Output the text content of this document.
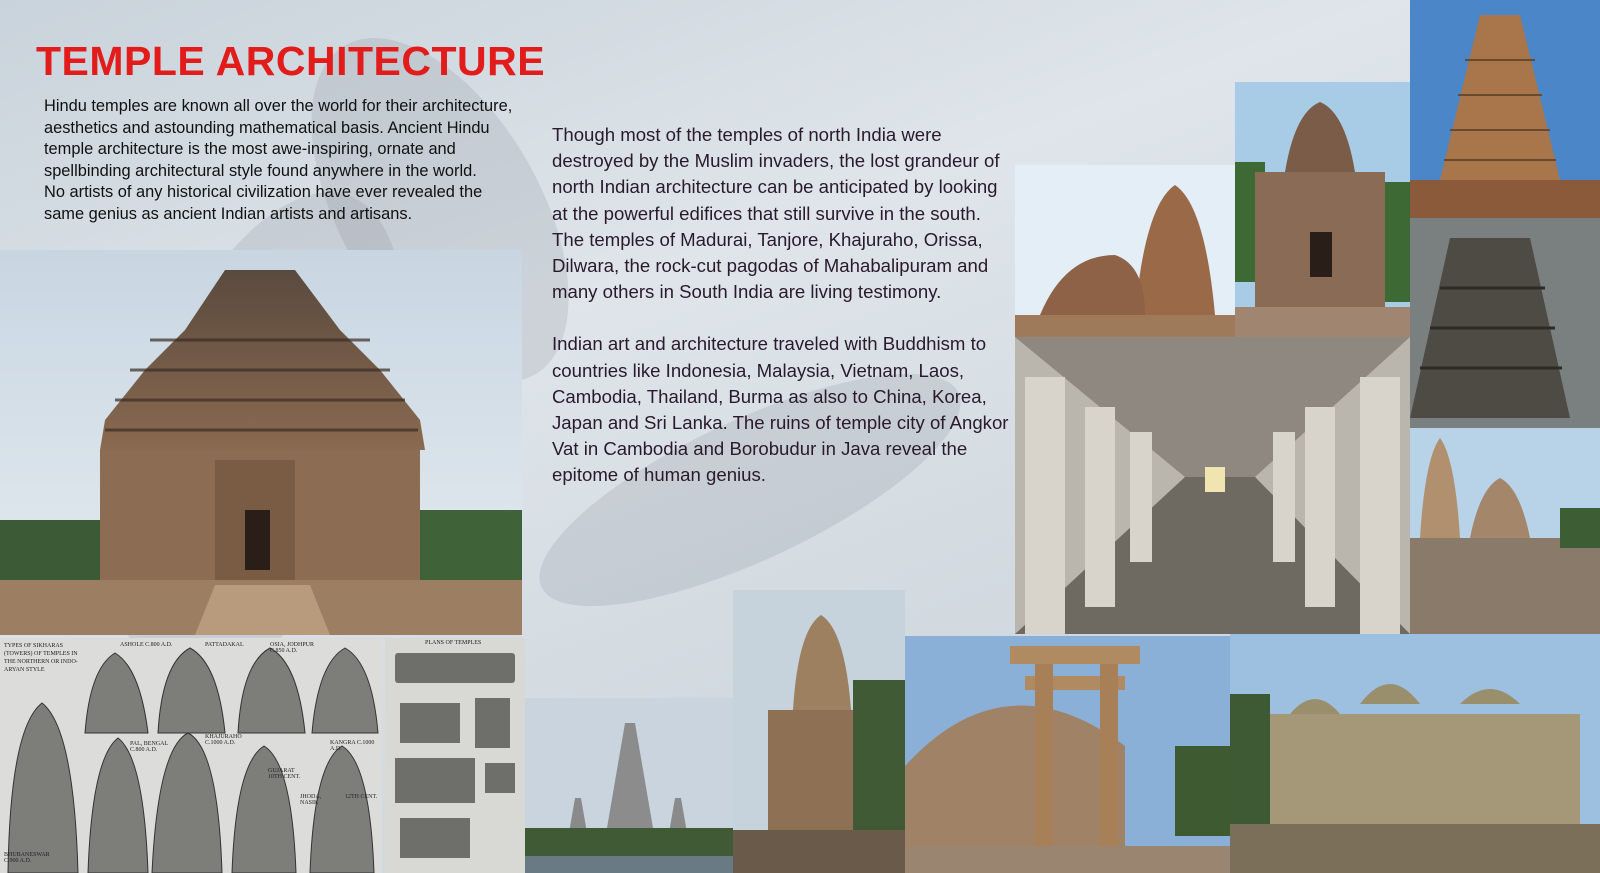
TEMPLE ARCHITECTURE

Hindu temples are known all over the world for their architecture, aesthetics and astounding mathematical basis. Ancient Hindu temple architecture is the most awe-inspiring, ornate and spellbinding architectural style found anywhere in the world.

No artists of any historical civilization have ever revealed the same genius as ancient Indian artists and artisans.

Though most of the temples of north India were destroyed by the Muslim invaders, the lost grandeur of north Indian architecture can be anticipated by looking at the powerful edifices that still survive in the south. The temples of Madurai, Tanjore, Khajuraho, Orissa, Dilwara, the rock-cut pagodas of Mahabalipuram and many others in South India are living testimony.

Indian art and architecture traveled with Buddhism to countries like Indonesia, Malaysia, Vietnam, Laos, Cambodia, Thailand, Burma as also to China, Korea, Japan and Sri Lanka. The ruins of temple city of Angkor Vat in Cambodia and Borobudur in Java reveal the epitome of human genius.

TYPES OF SIKHARAS (TOWERS) OF TEMPLES IN THE NORTHERN OR INDO-ARYAN STYLE
ASHOLE C.800 A.D.	PATTADAKAL	OSIA, JODHPUR C.850 A.D.
PAL, BENGAL C.800 A.D.
KHAJURAHO C.1000 A.D.	KANGRA C.1000 A.D.
GUJARAT 10TH CENT.
JHODA, NASIK
12TH CENT.
BHUBANESWAR C.900 A.D.
PLANS OF TEMPLES
